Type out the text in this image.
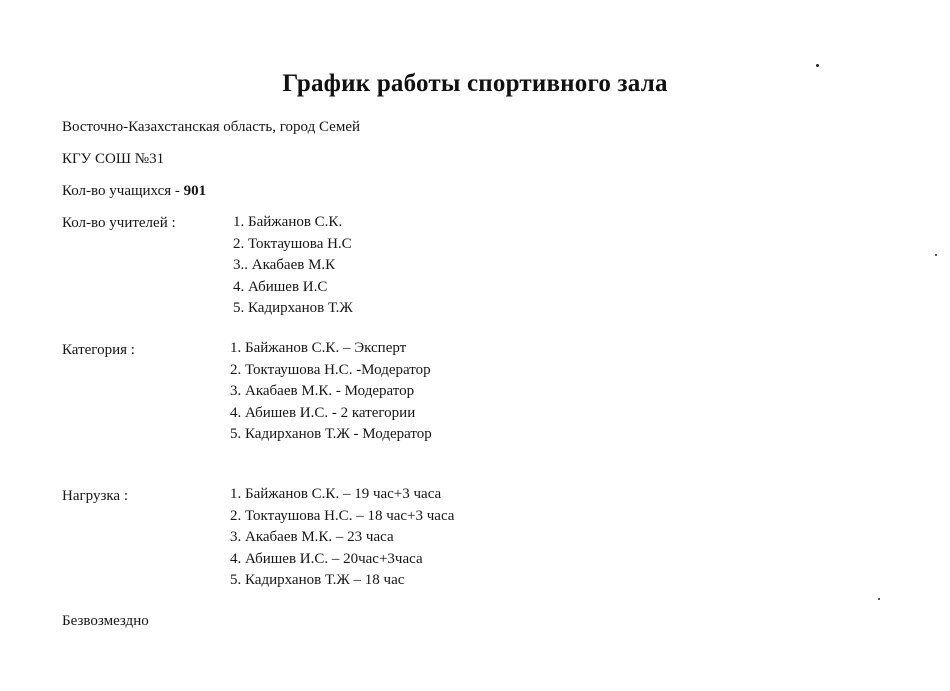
График работы спортивного зала
Восточно-Казахстанская область, город Семей
КГУ СОШ №31
Кол-во учащихся - 901
Кол-во учителей :	1. Байжанов С.К.
2. Токтаушова Н.С
3.. Акабаев М.К
4. Абишев И.С
5. Кадирханов Т.Ж
Категория :	1. Байжанов С.К. – Эксперт
2. Токтаушова Н.С. -Модератор
3. Акабаев М.К. - Модератор
4. Абишев И.С. - 2 категории
5. Кадирханов Т.Ж - Модератор
Нагрузка :	1. Байжанов С.К. – 19 час+3 часа
2. Токтаушова Н.С. – 18 час+3 часа
3. Акабаев М.К. – 23 часа
4. Абишев И.С. – 20час+3часа
5. Кадирханов Т.Ж – 18 час
Безвозмездно
